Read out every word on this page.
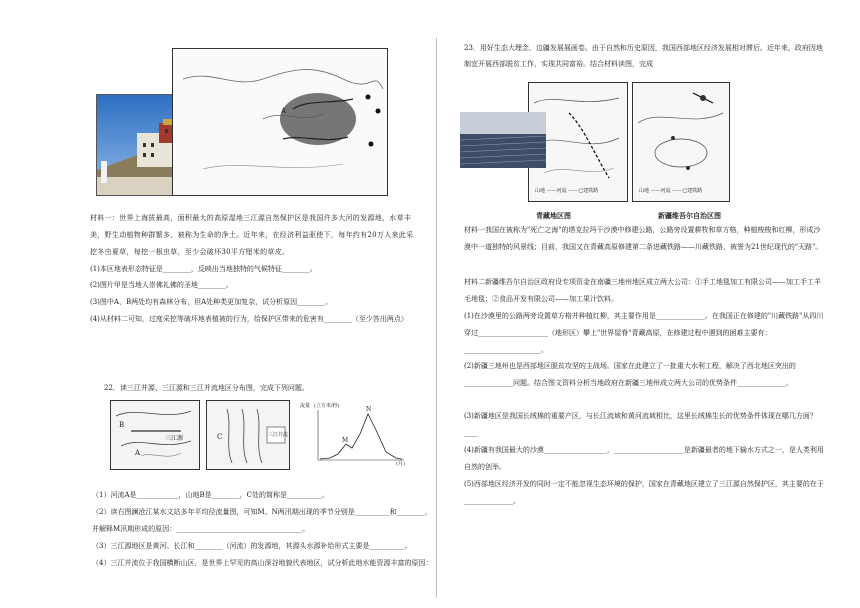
A
材料一：世界上海拔最高，面积最大的高原湿地三江源自然保护区是我国许多大河的发源地，水草丰美，野生动植物种群繁多，被称为生命的净土。近年来，在经济利益驱使下，每年约有20万人来此采挖冬虫夏草，每挖一根虫草，至少会破坏30平方厘米的草皮。
(1)本区地表形态特征是________，反映出当地独特的气候特征________。
(2)图片甲是当地人崇佛礼佛的圣地________。
(3)图中A、B两处均有森林分布，但A处种类更加复杂，试分析原因________。
(4)从材料二可知，过度采挖等破坏地表植被的行为，给保护区带来的危害有________（至少答出两点）
22．读三江并源、三江源和三江并流地区分布图，完成下列问题。
B
A
三江源	C	三江并流
流量 (立方米/秒)
M
N
(月)
（1）河流A是____________，山地B是________，C处的简称是__________。
（2）读右图澜沧江某水文站多年平均径流量图，可知M、N两汛期出现的季节分别是__________和________，
并解释M汛期形成的原因：____________________________________。
（3）三江源地区是黄河、长江和________（河流）的发源地，其源头水源补给形式主要是__________。
（4）三江并流位于我国横断山区，是世界上罕见的高山深谷地貌代表地区，试分析此地水能资源丰富的原因：
23．用好生态大理念，边疆发展展画卷。由于自然和历史原因，我国西部地区经济发展相对滞后。近年来，政府因地制宜开展西部脱贫工作，实现共同富裕。结合材料读图，完成
山地 ——河流 ——已建铁路	山地 ——河流 ——已建铁路
青藏地区图	新疆维吾尔自治区图
材料一我国在被称为"死亡之海"的塔克拉玛干沙漠中修建公路，公路旁设置耕牧和草方格，种植梭梭和红柳，形成沙漠中一道独特的风景线；目前，我国又在青藏高原修建第二条进藏铁路——川藏铁路，被誉为21世纪现代的"天路"。
材料二新疆维吾尔自治区政府设专项资金在南疆三地州地区成立两大公司：①手工地毯加工有限公司——加工手工羊毛地毯；②食品开发有限公司——加工果汁饮料。
(1)在沙漠里的公路两旁设置草方格并种植红柳，其主要作用是______________。在我国正在修建的"川藏铁路"从四川穿过____________________（地形区）攀上"世界屋脊"青藏高原，在修建过程中遇到的困难主要有：______________________。
(2)新疆三地州也是西部地区脱贫攻坚的主战场。国家在此建立了一批重大水利工程，解决了西北地区突出的______________问题。结合图文资料分析当地政府在新疆三地州成立两大公司的优势条件______________。
(3)新疆地区是我国长绒棉的重要产区，与长江流域和黄河流域相比，这里长绒棉生长的优势条件体现在哪几方面？____
(4)新疆有我国最大的沙漠__________________，____________________是新疆最者的地下输水方式之一，是人类利用自然的创举。
(5)西部地区经济开发的同时一定不能忽视生态环境的保护，国家在青藏地区建立了三江源自然保护区，其主要的在于______________。
